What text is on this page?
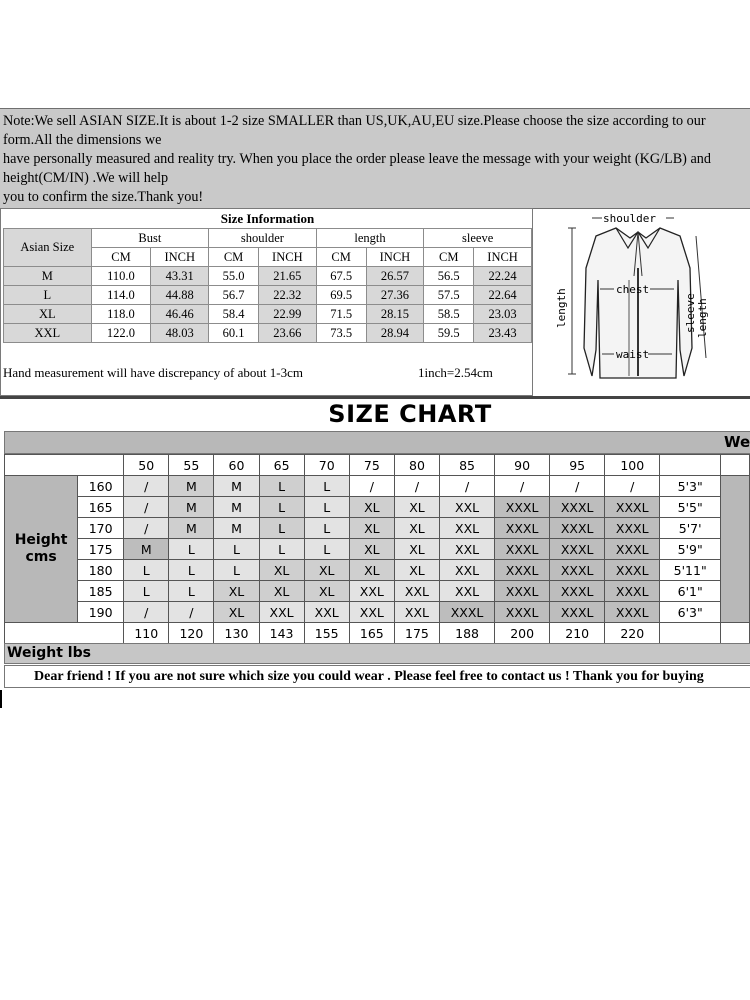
Note:We sell ASIAN SIZE.It is about 1-2 size SMALLER than US,UK,AU,EU size.Please choose the size according to our
form.All the dimensions we
have personally measured and reality try. When you place the order please leave the message with your weight (KG/LB) and
height(CM/IN) .We will help
you to confirm the size.Thank you!
Size Information								
Asian Size	Bust		shoulder		length		sleeve	
	CM	INCH	CM	INCH	CM	INCH	CM	INCH
M	110.0	43.31	55.0	21.65	67.5	26.57	56.5	22.24
L	114.0	44.88	56.7	22.32	69.5	27.36	57.5	22.64
XL	118.0	46.46	58.4	22.99	71.5	28.15	58.5	23.03
XXL	122.0	48.03	60.1	23.66	73.5	28.94	59.5	23.43
Hand measurement will have discrepancy of about 1-3cm	1inch=2.54cm
shoulder
chest
waist
length	sleeve length
SIZE CHART
We
		50	55	60	65	70	75	80	85	90	95	100		

Height
cms	160	/	M	M	L	L	/	/	/	/	/	/	5'3"	
	165	/	M	M	L	L	XL	XL	XXL	XXXL	XXXL	XXXL	5'5"	
	170	/	M	M	L	L	XL	XL	XXL	XXXL	XXXL	XXXL	5'7'	
	175	M	L	L	L	L	XL	XL	XXL	XXXL	XXXL	XXXL	5'9"	
	180	L	L	L	XL	XL	XL	XL	XXL	XXXL	XXXL	XXXL	5'11"	
	185	L	L	XL	XL	XL	XXL	XXL	XXL	XXXL	XXXL	XXXL	6'1"	
	190	/	/	XL	XXL	XXL	XXL	XXL	XXXL	XXXL	XXXL	XXXL	6'3"	
		110	120	130	143	155	165	175	188	200	210	220		
Weight lbs
Dear friend ! If you are not sure which size you could wear . Please feel free to contact us ! Thank you for buying
